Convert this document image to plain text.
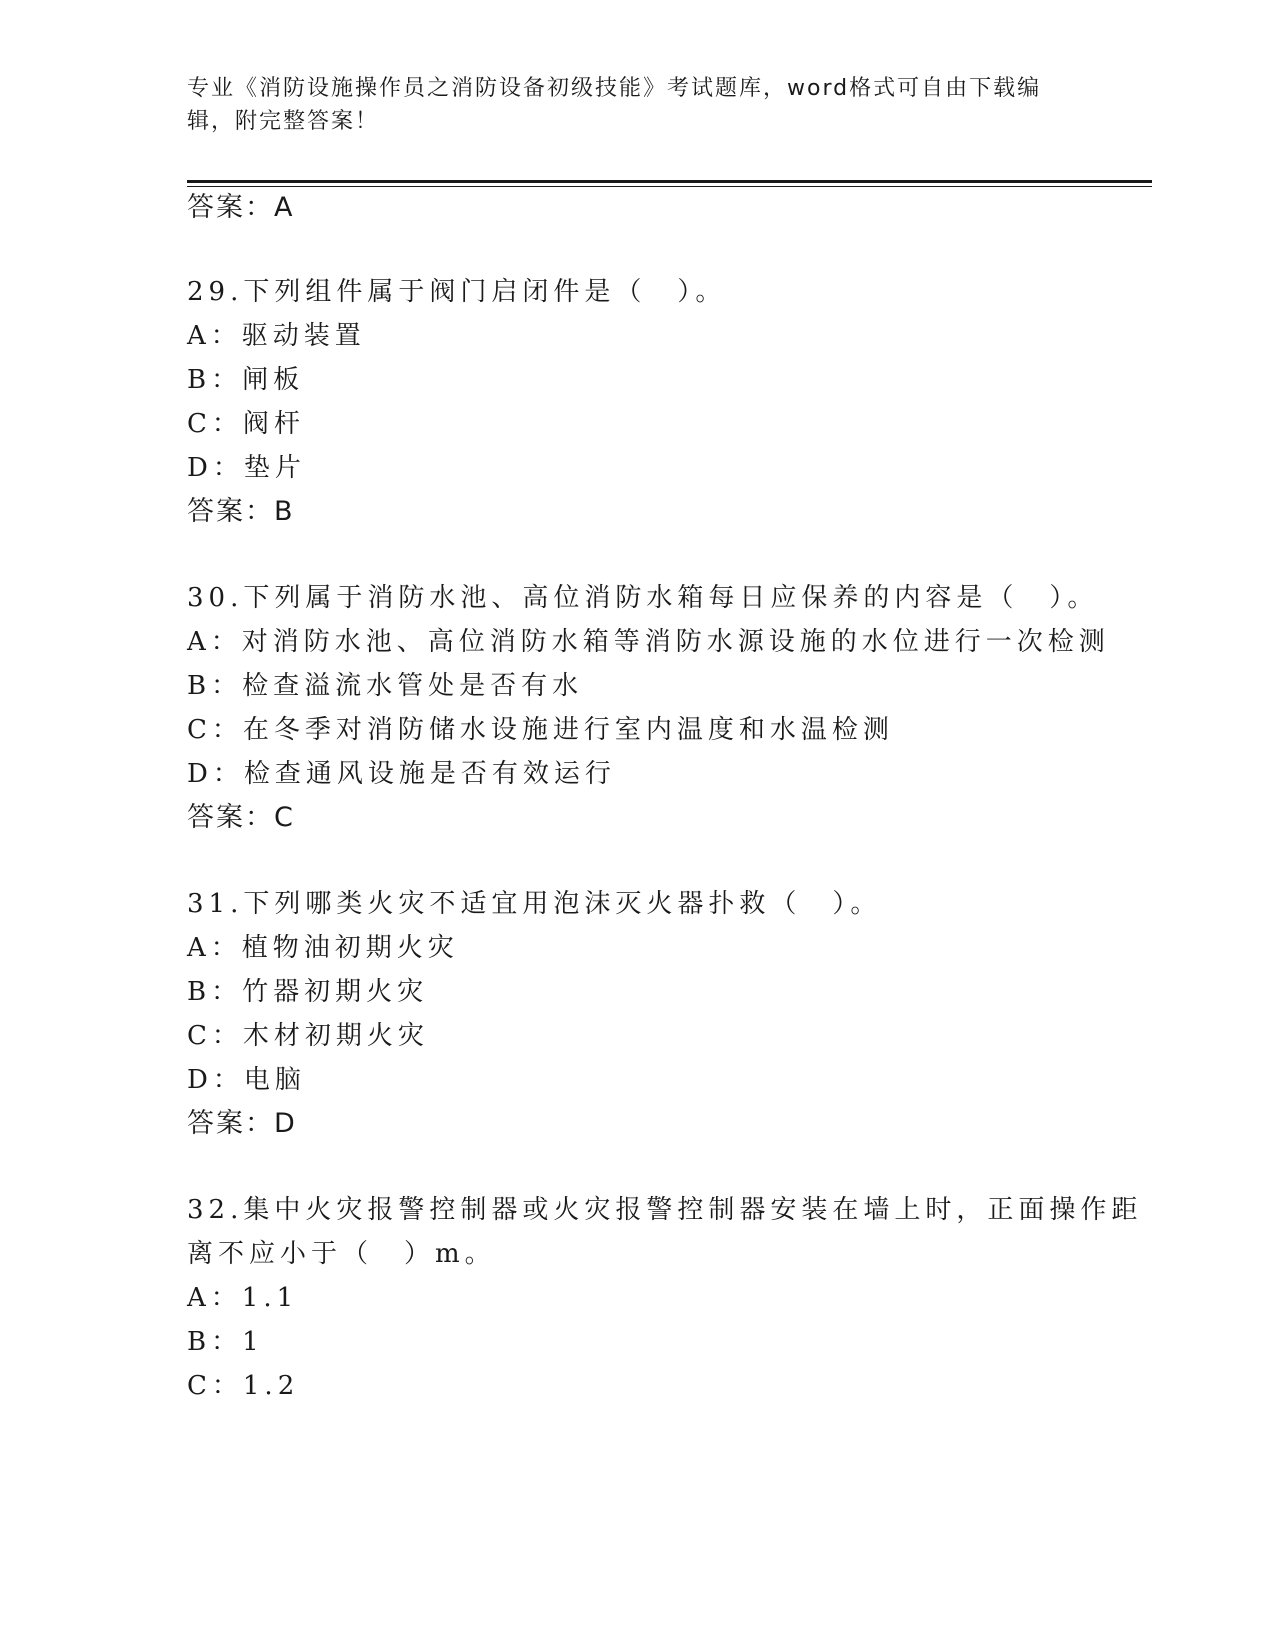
专业《消防设施操作员之消防设备初级技能》考试题库，word格式可自由下载编辑，附完整答案！
答案：A
29.下列组件属于阀门启闭件是（　）。
A：驱动装置
B：闸板
C：阀杆
D：垫片
答案：B
30.下列属于消防水池、高位消防水箱每日应保养的内容是（　）。
A：对消防水池、高位消防水箱等消防水源设施的水位进行一次检测
B：检查溢流水管处是否有水
C：在冬季对消防储水设施进行室内温度和水温检测
D：检查通风设施是否有效运行
答案：C
31.下列哪类火灾不适宜用泡沫灭火器扑救（　）。
A：植物油初期火灾
B：竹器初期火灾
C：木材初期火灾
D：电脑
答案：D
32.集中火灾报警控制器或火灾报警控制器安装在墙上时，正面操作距
离不应小于（　）m。
A：1.1
B：1
C：1.2
